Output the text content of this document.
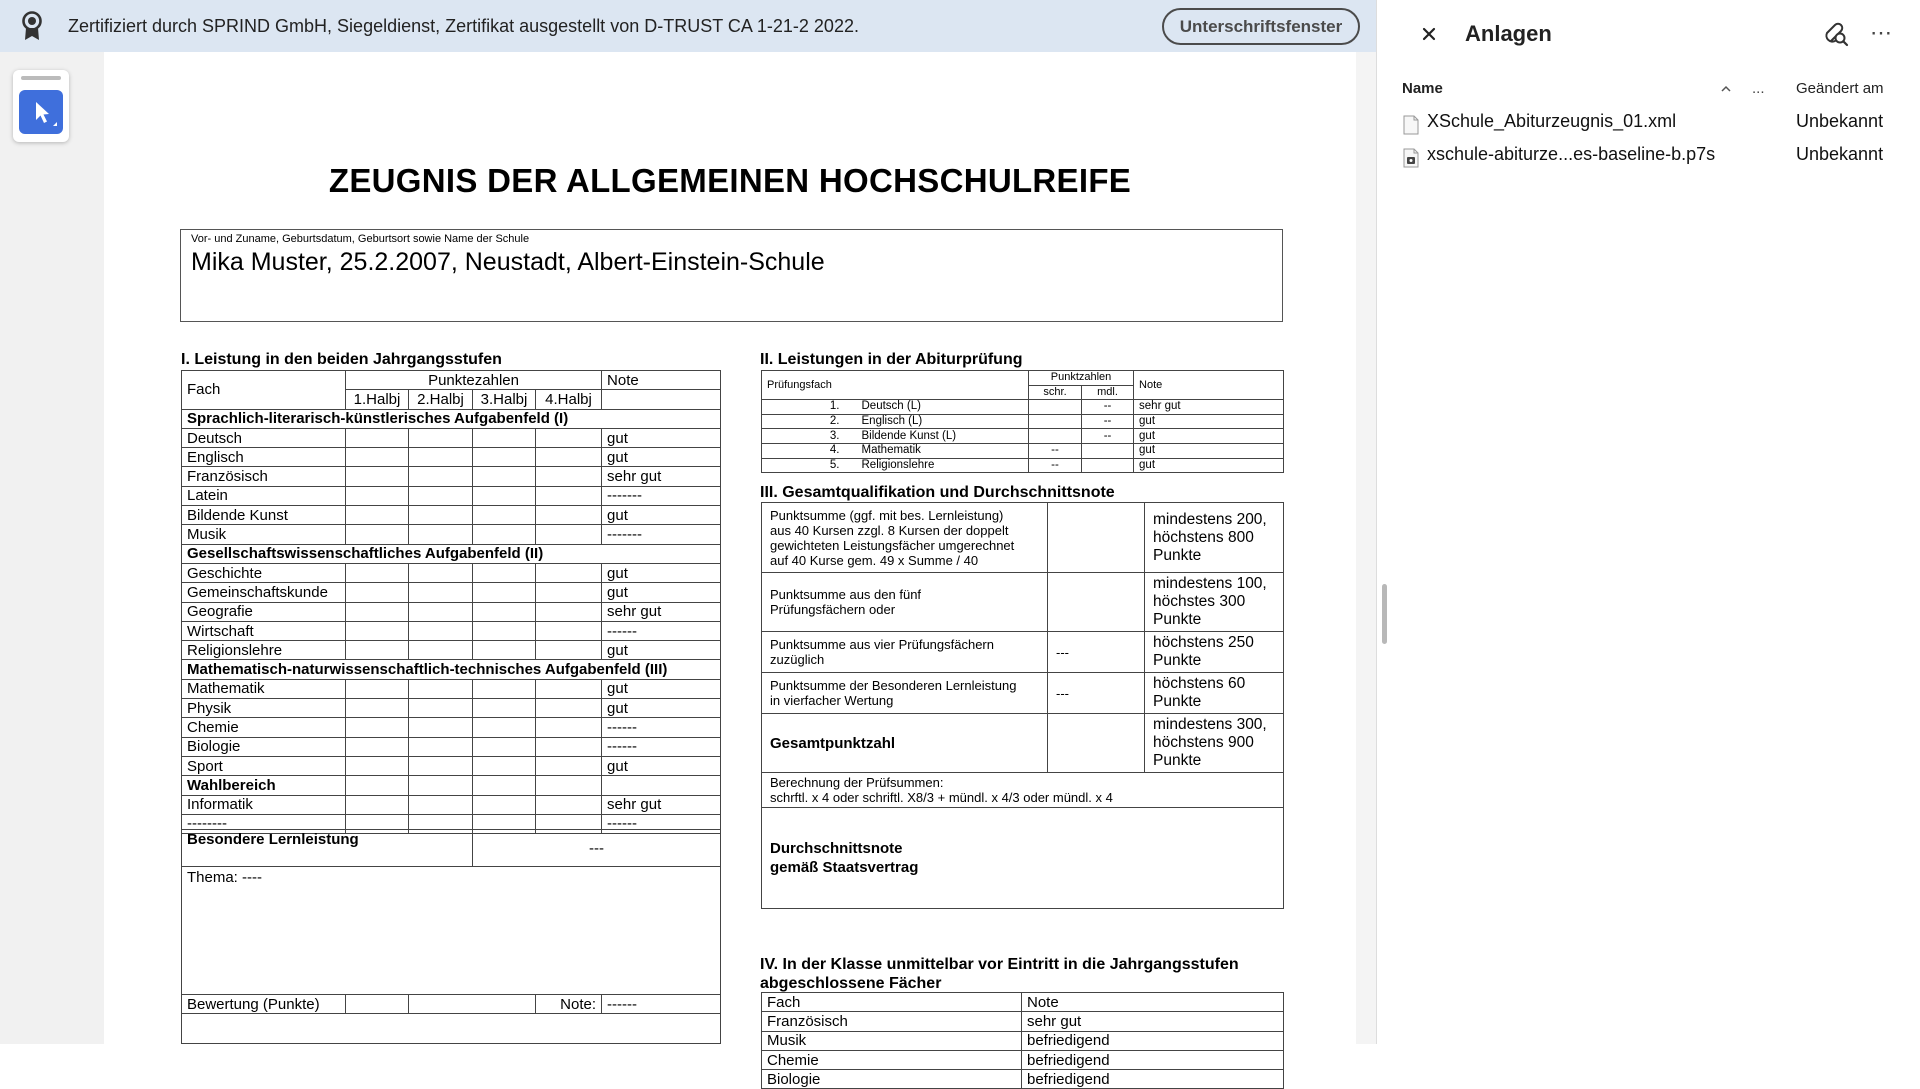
Zertifiziert durch SPRIND GmbH, Siegeldienst, Zertifikat ausgestellt von D-TRUST CA 1-21-2 2022.	Unterschriftsfenster
ZEUGNIS DER ALLGEMEINEN HOCHSCHULREIFE
Vor- und Zuname, Geburtsdatum, Geburtsort sowie Name der Schule
Mika Muster, 25.2.2007, Neustadt, Albert-Einstein-Schule
I. Leistung in den beiden Jahrgangsstufen
Fach	Punktezahlen				Note
	1.Halbj	2.Halbj	3.Halbj	4.Halbj	
Sprachlich-literarisch-künstlerisches Aufgabenfeld (I)					
Deutsch					gut
Englisch					gut
Französisch					sehr gut
Latein					-------
Bildende Kunst					gut
Musik					-------
Gesellschaftswissenschaftliches Aufgabenfeld (II)					
Geschichte					gut
Gemeinschaftskunde					gut
Geografie					sehr gut
Wirtschaft					------
Religionslehre					gut
Mathematisch-naturwissenschaftlich-technisches Aufgabenfeld (III)					
Mathematik					gut
Physik					gut
Chemie					------
Biologie					------
Sport					gut
Wahlbereich					
Informatik					sehr gut
--------					------
Besondere Lernleistung			---		
Thema: ----					
Bewertung (Punkte)				Note:	------

II. Leistungen in der Abiturprüfung
Prüfungsfach		Punktzahlen		Note
		schr.	mdl.	
1.	Deutsch (L)		--	sehr gut
2.	Englisch (L)		--	gut
3.	Bildende Kunst (L)		--	gut
4.	Mathematik	--		gut
5.	Religionslehre	--		gut
III. Gesamtqualifikation und Durchschnittsnote
Punktsumme (ggf. mit bes. Lernleistung)
aus 40 Kursen zzgl. 8 Kursen der doppelt
gewichteten Leistungsfächer umgerechnet
auf 40 Kurse gem. 49 x Summe / 40		mindestens 200,
höchstens 800
Punkte
Punktsumme aus den fünf
Prüfungsfächern oder		mindestens 100,
höchstes 300
Punkte
Punktsumme aus vier Prüfungsfächern
zuzüglich	---	höchstens 250
Punkte
Punktsumme der Besonderen Lernleistung
in vierfacher Wertung	---	höchstens 60
Punkte
Gesamtpunktzahl		mindestens 300,
höchstens 900
Punkte
Berechnung der Prüfsummen:
schrftl. x 4 oder schriftl. X8/3 + mündl. x 4/3 oder mündl. x 4		
Durchschnittsnote
gemäß Staatsvertrag		
IV. In der Klasse unmittelbar vor Eintritt in die Jahrgangsstufen
abgeschlossene Fächer
Fach	Note
Französisch	sehr gut
Musik	befriedigend
Chemie	befriedigend
Biologie	befriedigend
Anlagen	⋯
Name	... Geändert am
XSchule_Abiturzeugnis_01.xml	Unbekannt
xschule-abiturze...es-baseline-b.p7s	Unbekannt
